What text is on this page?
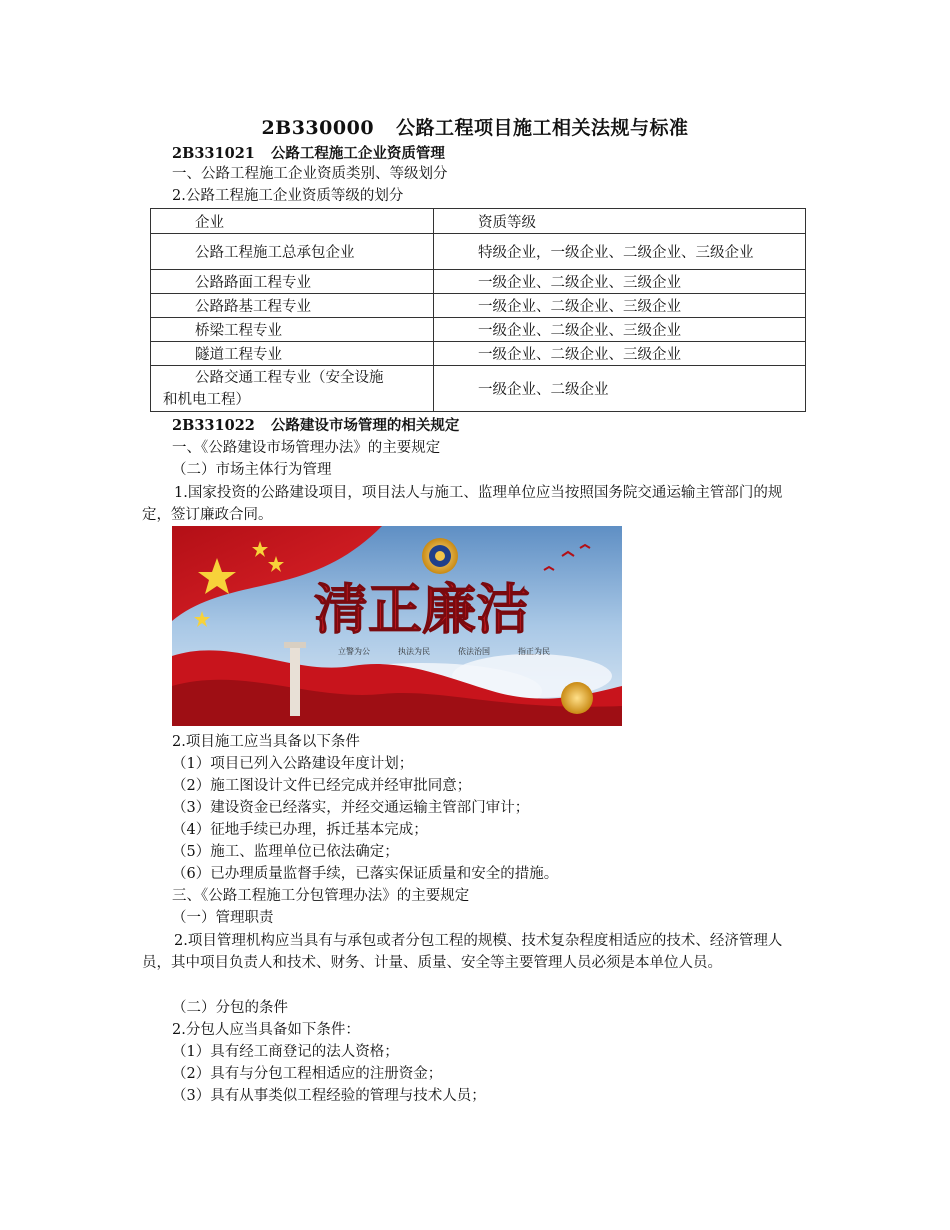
2B330000 公路工程项目施工相关法规与标准
2B331021 公路工程施工企业资质管理
一、公路工程施工企业资质类别、等级划分
2.公路工程施工企业资质等级的划分
企业	资质等级

公路工程施工总承包企业	特级企业，一级企业、二级企业、三级企业

公路路面工程专业	一级企业、二级企业、三级企业

公路路基工程专业	一级企业、二级企业、三级企业

桥梁工程专业	一级企业、二级企业、三级企业

隧道工程专业	一级企业、二级企业、三级企业

公路交通工程专业（安全设施
和机电工程）	一级企业、二级企业
2B331022 公路建设市场管理的相关规定
一、《公路建设市场管理办法》的主要规定
（二）市场主体行为管理
1.国家投资的公路建设项目，项目法人与施工、监理单位应当按照国务院交通运输主管部门的规定，签订廉政合同。
清正廉洁
立警为公	执法为民	依法治国	指正为民
2.项目施工应当具备以下条件
（1）项目已列入公路建设年度计划；
（2）施工图设计文件已经完成并经审批同意；
（3）建设资金已经落实，并经交通运输主管部门审计；
（4）征地手续已办理，拆迁基本完成；
（5）施工、监理单位已依法确定；
（6）已办理质量监督手续，已落实保证质量和安全的措施。
三、《公路工程施工分包管理办法》的主要规定
（一）管理职责
2.项目管理机构应当具有与承包或者分包工程的规模、技术复杂程度相适应的技术、经济管理人员，其中项目负责人和技术、财务、计量、质量、安全等主要管理人员必须是本单位人员。
（二）分包的条件
2.分包人应当具备如下条件：
（1）具有经工商登记的法人资格；
（2）具有与分包工程相适应的注册资金；
（3）具有从事类似工程经验的管理与技术人员；
